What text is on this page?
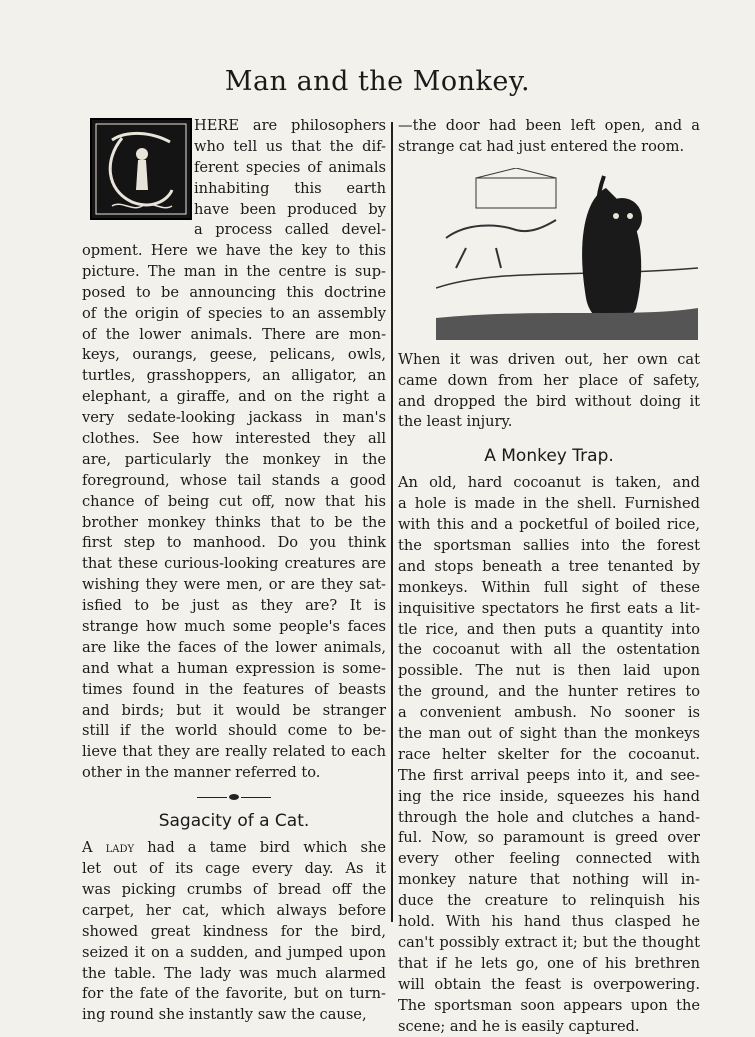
Man and the Monkey.
HERE are philosophers
who tell us that the dif-
ferent species of animals
inhabiting this earth
have been produced by
a process called devel-
opment. Here we have the key to this
picture. The man in the centre is sup-
posed to be announcing this doctrine
of the origin of species to an assembly
of the lower animals. There are mon-
keys, ourangs, geese, pelicans, owls,
turtles, grasshoppers, an alligator, an
elephant, a giraffe, and on the right a
very sedate-looking jackass in man's
clothes. See how interested they all
are, particularly the monkey in the
foreground, whose tail stands a good
chance of being cut off, now that his
brother monkey thinks that to be the
first step to manhood. Do you think
that these curious-looking creatures are
wishing they were men, or are they sat-
isfied to be just as they are? It is
strange how much some people's faces
are like the faces of the lower animals,
and what a human expression is some-
times found in the features of beasts
and birds; but it would be stranger
still if the world should come to be-
lieve that they are really related to each
other in the manner referred to.
Sagacity of a Cat.
A lady had a tame bird which she
let out of its cage every day. As it
was picking crumbs of bread off the
carpet, her cat, which always before
showed great kindness for the bird,
seized it on a sudden, and jumped upon
the table. The lady was much alarmed
for the fate of the favorite, but on turn-
ing round she instantly saw the cause,
—the door had been left open, and a
strange cat had just entered the room.
When it was driven out, her own cat
came down from her place of safety,
and dropped the bird without doing it
the least injury.
A Monkey Trap.
An old, hard cocoanut is taken, and
a hole is made in the shell. Furnished
with this and a pocketful of boiled rice,
the sportsman sallies into the forest
and stops beneath a tree tenanted by
monkeys. Within full sight of these
inquisitive spectators he first eats a lit-
tle rice, and then puts a quantity into
the cocoanut with all the ostentation
possible. The nut is then laid upon
the ground, and the hunter retires to
a convenient ambush. No sooner is
the man out of sight than the monkeys
race helter skelter for the cocoanut.
The first arrival peeps into it, and see-
ing the rice inside, squeezes his hand
through the hole and clutches a hand-
ful. Now, so paramount is greed over
every other feeling connected with
monkey nature that nothing will in-
duce the creature to relinquish his
hold. With his hand thus clasped he
can't possibly extract it; but the thought
that if he lets go, one of his brethren
will obtain the feast is overpowering.
The sportsman soon appears upon the
scene; and he is easily captured.
